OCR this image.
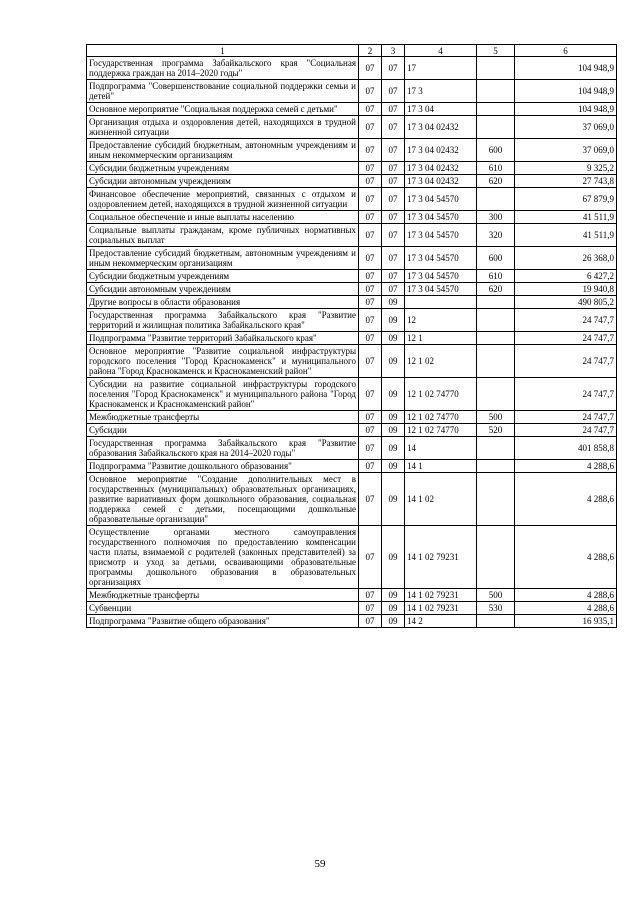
1	2	3	4	5	6
Государственная программа Забайкальского края "Социальная поддержка граждан на 2014–2020 годы"	07	07	17		104 948,9
Подпрограмма "Совершенствование социальной поддержки семьи и детей"	07	07	17 3		104 948,9
Основное мероприятие "Социальная поддержка семей с детьми"	07	07	17 3 04		104 948,9
Организация отдыха и оздоровления детей, находящихся в трудной жизненной ситуации	07	07	17 3 04 02432		37 069,0
Предоставление субсидий бюджетным, автономным учреждениям и иным некоммерческим организациям	07	07	17 3 04 02432	600	37 069,0
Субсидии бюджетным учреждениям	07	07	17 3 04 02432	610	9 325,2
Субсидии автономным учреждениям	07	07	17 3 04 02432	620	27 743,8
Финансовое обеспечение мероприятий, связанных с отдыхом и оздоровлением детей, находящихся в трудной жизненной ситуации	07	07	17 3 04 54570		67 879,9
Социальное обеспечение и иные выплаты населению	07	07	17 3 04 54570	300	41 511,9
Социальные выплаты гражданам, кроме публичных нормативных социальных выплат	07	07	17 3 04 54570	320	41 511,9
Предоставление субсидий бюджетным, автономным учреждениям и иным некоммерческим организациям	07	07	17 3 04 54570	600	26 368,0
Субсидии бюджетным учреждениям	07	07	17 3 04 54570	610	6 427,2
Субсидии автономным учреждениям	07	07	17 3 04 54570	620	19 940,8
Другие вопросы в области образования	07	09			490 805,2
Государственная программа Забайкальского края "Развитие территорий и жилищная политика Забайкальского края"	07	09	12		24 747,7
Подпрограмма "Развитие территорий Забайкальского края"	07	09	12 1		24 747,7
Основное мероприятие "Развитие социальной инфраструктуры городского поселения "Город Краснокаменск" и муниципального района "Город Краснокаменск и Краснокаменский район"	07	09	12 1 02		24 747,7
Субсидии на развитие социальной инфраструктуры городского поселения "Город Краснокаменск" и муниципального района "Город Краснокаменск и Краснокаменский район"	07	09	12 1 02 74770		24 747,7
Межбюджетные трансферты	07	09	12 1 02 74770	500	24 747,7
Субсидии	07	09	12 1 02 74770	520	24 747,7
Государственная программа Забайкальского края "Развитие образования Забайкальского края на 2014–2020 годы"	07	09	14		401 858,8
Подпрограмма "Развитие дошкольного образования"	07	09	14 1		4 288,6
Основное мероприятие "Создание дополнительных мест в государственных (муниципальных) образовательных организациях, развитие вариативных форм дошкольного образования, социальная поддержка семей с детьми, посещающими дошкольные образовательные организации"	07	09	14 1 02		4 288,6
Осуществление органами местного самоуправления государственного полномочия по предоставлению компенсации части платы, взимаемой с родителей (законных представителей) за присмотр и уход за детьми, осваивающими образовательные программы дошкольного образования в образовательных организациях	07	09	14 1 02 79231		4 288,6
Межбюджетные трансферты	07	09	14 1 02 79231	500	4 288,6
Субвенции	07	09	14 1 02 79231	530	4 288,6
Подпрограмма "Развитие общего образования"	07	09	14 2		16 935,1
59
